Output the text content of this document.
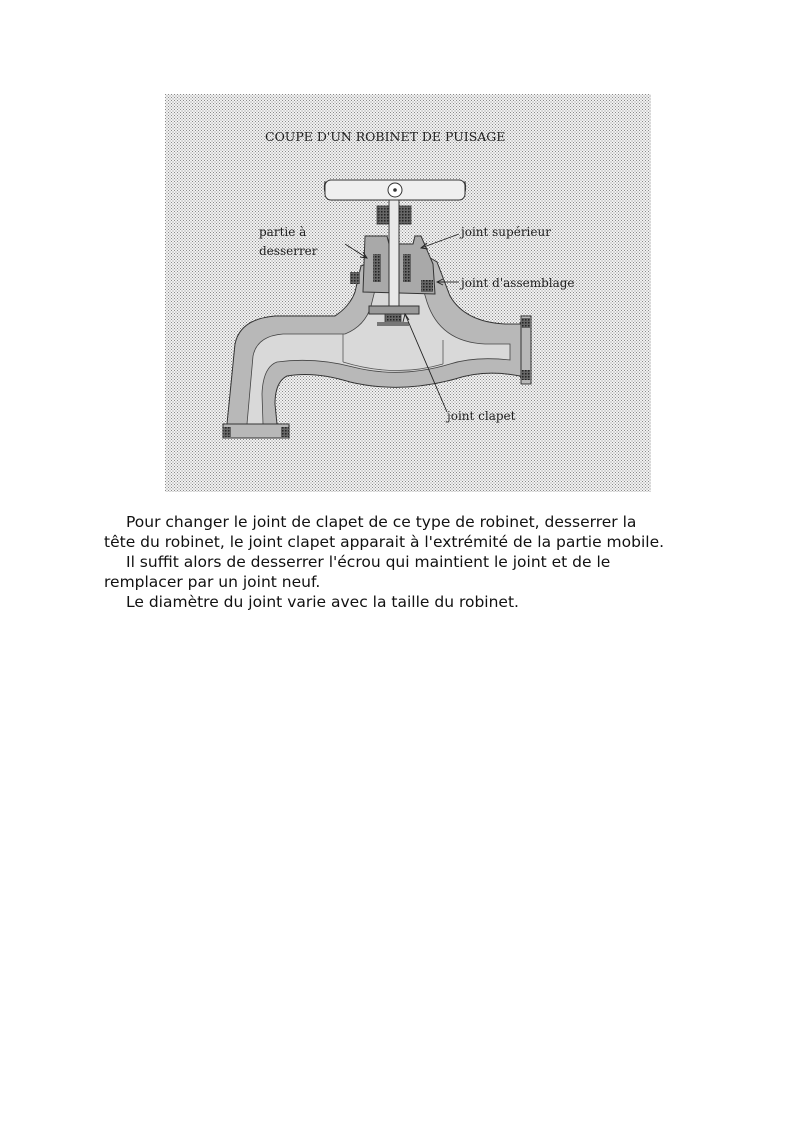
COUPE D'UN ROBINET DE PUISAGE
partie à
desserrer
joint supérieur
joint d'assemblage
joint clapet

Pour changer le joint de clapet de ce type de robinet, desserrer la

tête du robinet, le joint clapet apparait à l'extrémité de la partie mobile.

Il suffit alors de desserrer l'écrou qui maintient le joint et de le

remplacer par un joint neuf.

Le diamètre du joint varie avec la taille du robinet.
